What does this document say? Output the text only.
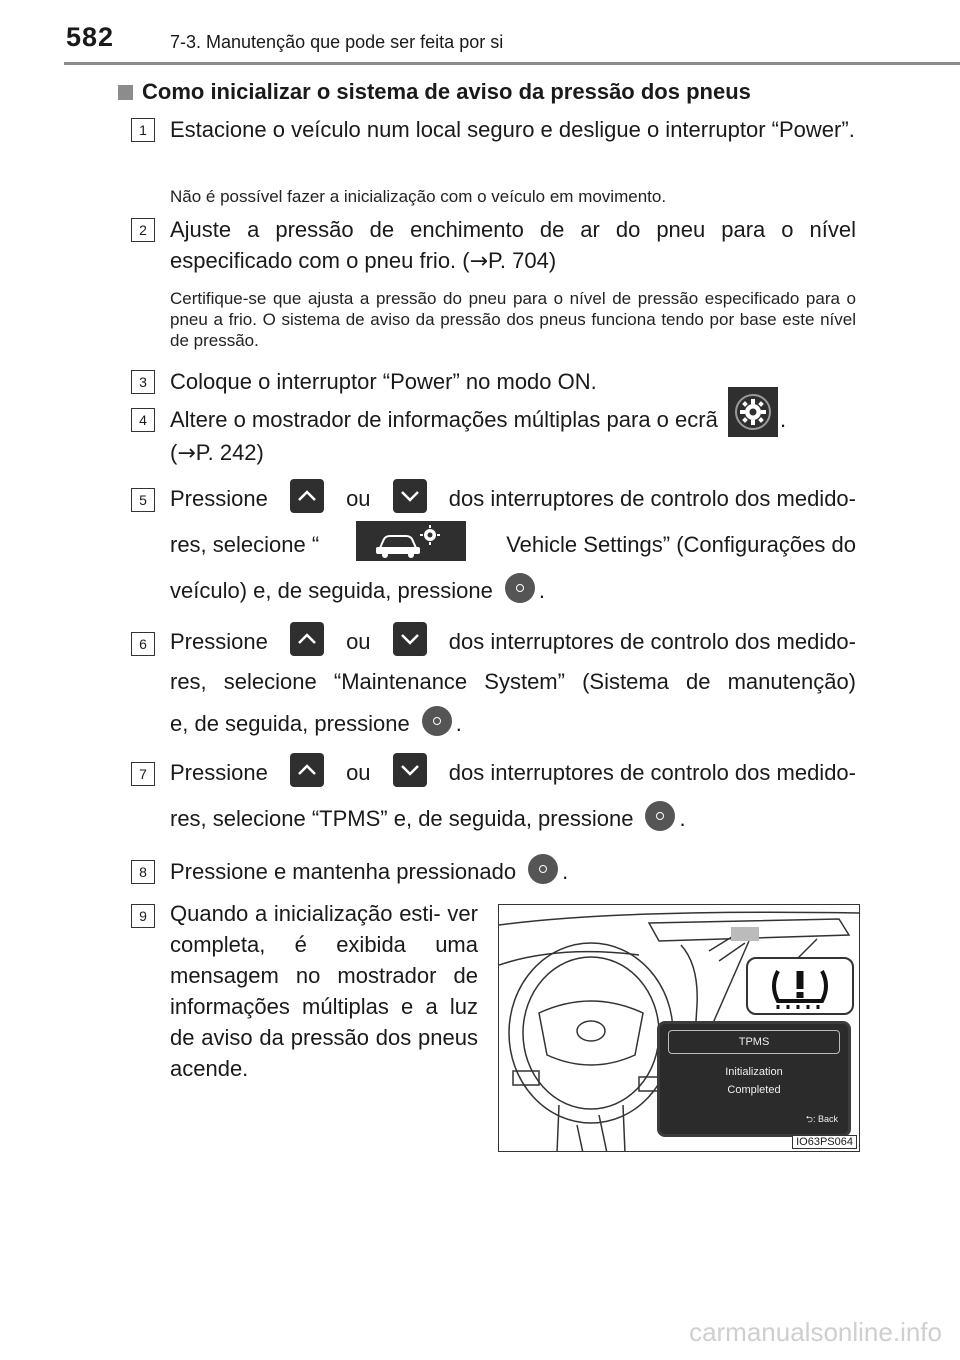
582	7-3. Manutenção que pode ser feita por si
Como inicializar o sistema de aviso da pressão dos pneus
1	Estacione o veículo num local seguro e desligue o interruptor “Power”.
Não é possível fazer a inicialização com o veículo em movimento.
2	Ajuste a pressão de enchimento de ar do pneu para o nível especificado com o pneu frio. (→P. 704)
Certifique-se que ajusta a pressão do pneu para o nível de pressão especificado para o pneu a frio. O sistema de aviso da pressão dos pneus funciona tendo por base este nível de pressão.
3	Coloque o interruptor “Power” no modo ON.
4	Altere o mostrador de informações múltiplas para o ecrã	.
(→P. 242)
5	Pressione	ou	dos interruptores de controlo dos medido-
res, selecione “	Vehicle Settings” (Configurações do
veículo) e, de seguida, pressione .
6	Pressione	ou	dos interruptores de controlo dos medido-
res, selecione “Maintenance System” (Sistema de manutenção)
e, de seguida, pressione .
7	Pressione	ou	dos interruptores de controlo dos medido-
res, selecione “TPMS” e, de seguida, pressione .
8	Pressione e mantenha pressionado .
9	Quando a inicialização esti- ver completa, é exibida uma mensagem no mostrador de informações múltiplas e a luz de aviso da pressão dos pneus acende.
TPMS
Initialization
Completed
⮌: Back
IO63PS064
carmanualsonline.info
